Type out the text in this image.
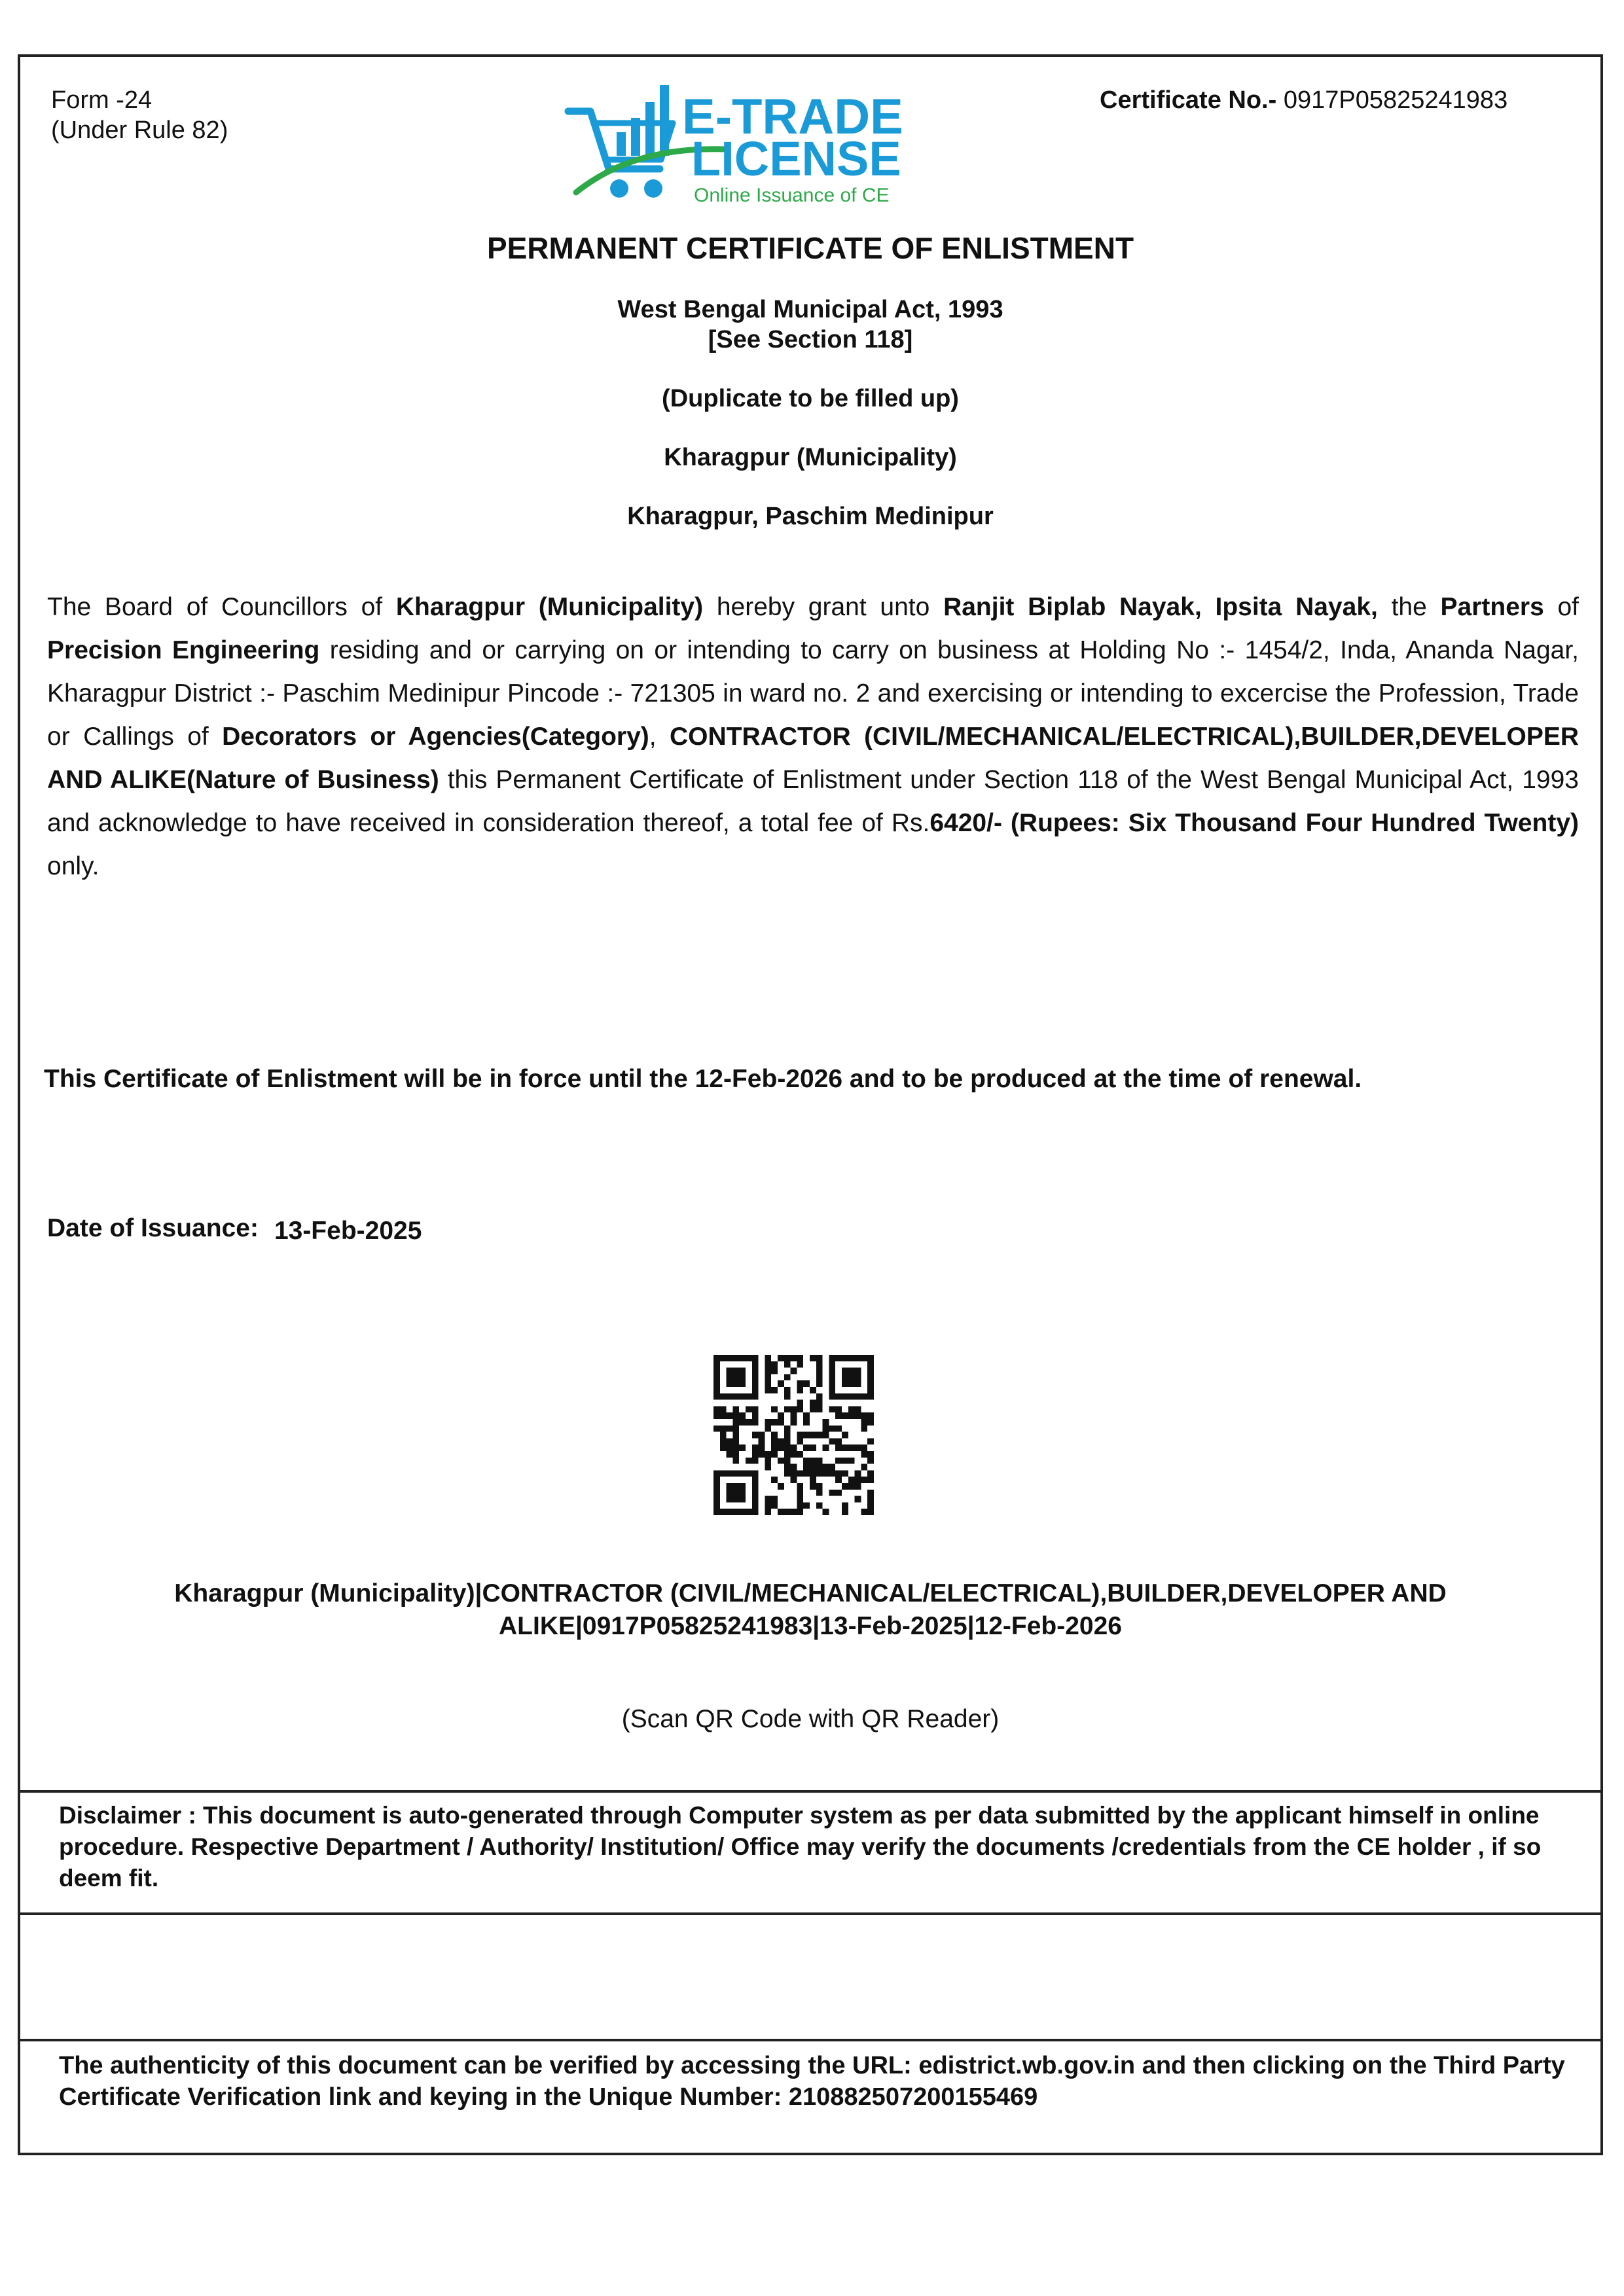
Form -24
(Under Rule 82)
Certificate No.- 0917P05825241983
E-TRADE
LICENSE
Online Issuance of CE
PERMANENT CERTIFICATE OF ENLISTMENT
West Bengal Municipal Act, 1993
[See Section 118]
(Duplicate to be filled up)
Kharagpur (Municipality)
Kharagpur, Paschim Medinipur
The Board of Councillors of Kharagpur (Municipality) hereby grant unto Ranjit Biplab Nayak, Ipsita Nayak, the Partners of Precision Engineering residing and or carrying on or intending to carry on business at Holding No :- 1454/2, Inda, Ananda Nagar, Kharagpur District :- Paschim Medinipur Pincode :- 721305 in ward no. 2 and exercising or intending to excercise the Profession, Trade or Callings of Decorators or Agencies(Category), CONTRACTOR (CIVIL/MECHANICAL/ELECTRICAL),BUILDER,DEVELOPER AND ALIKE(Nature of Business) this Permanent Certificate of Enlistment under Section 118 of the West Bengal Municipal Act, 1993 and acknowledge to have received in consideration thereof, a total fee of Rs.6420/- (Rupees: Six Thousand Four Hundred Twenty) only.
This Certificate of Enlistment will be in force until the 12-Feb-2026 and to be produced at the time of renewal.
Date of Issuance: 13-Feb-2025
Kharagpur (Municipality)|CONTRACTOR (CIVIL/MECHANICAL/ELECTRICAL),BUILDER,DEVELOPER AND ALIKE|0917P05825241983|13-Feb-2025|12-Feb-2026
(Scan QR Code with QR Reader)
Disclaimer : This document is auto-generated through Computer system as per data submitted by the applicant himself in online procedure. Respective Department / Authority/ Institution/ Office may verify the documents /credentials from the CE holder , if so deem fit.
The authenticity of this document can be verified by accessing the URL: edistrict.wb.gov.in and then clicking on the Third Party Certificate Verification link and keying in the Unique Number: 210882507200155469
